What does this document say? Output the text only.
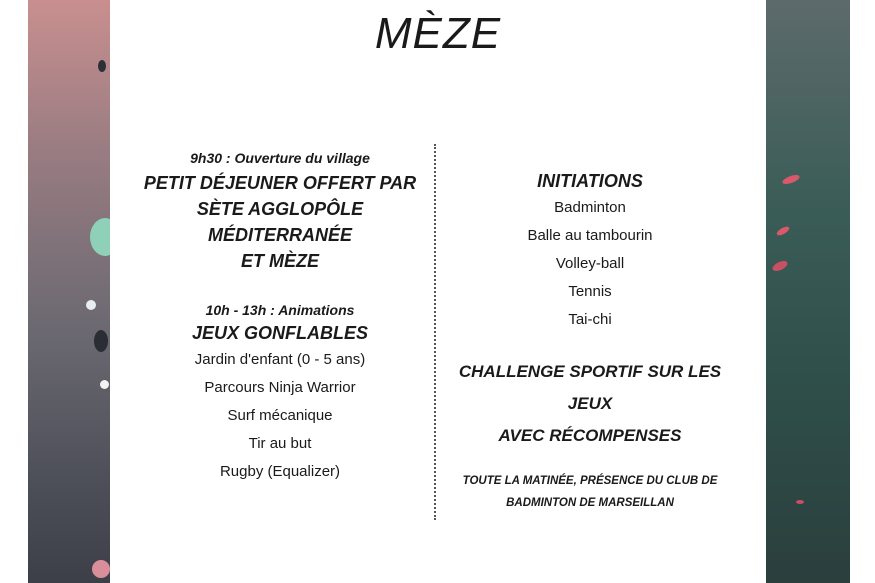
MÈZE
9h30 : Ouverture du village
PETIT DÉJEUNER OFFERT PAR
SÈTE AGGLOPÔLE MÉDITERRANÉE
ET MÈZE
10h - 13h : Animations
JEUX GONFLABLES
Jardin d'enfant (0 - 5 ans)
Parcours Ninja Warrior
Surf mécanique
Tir au but
Rugby (Equalizer)
INITIATIONS
Badminton
Balle au tambourin
Volley-ball
Tennis
Tai-chi
CHALLENGE SPORTIF SUR LES JEUX
AVEC RÉCOMPENSES
TOUTE LA MATINÉE, PRÉSENCE DU CLUB DE
BADMINTON DE MARSEILLAN
